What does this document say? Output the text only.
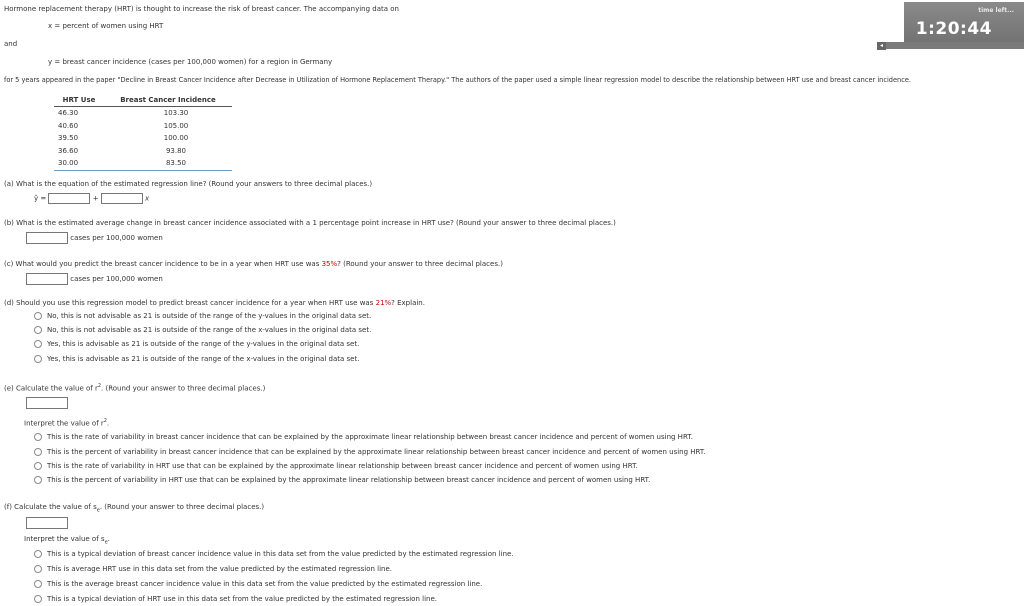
time left...
1:20:44
◂
Hormone replacement therapy (HRT) is thought to increase the risk of breast cancer. The accompanying data on
x = percent of women using HRT
and
y = breast cancer incidence (cases per 100,000 women) for a region in Germany
for 5 years appeared in the paper "Decline in Breast Cancer Incidence after Decrease in Utilization of Hormone Replacement Therapy." The authors of the paper used a simple linear regression model to describe the relationship between HRT use and breast cancer incidence.
HRT Use	Breast Cancer Incidence
46.30	103.30
40.60	105.00
39.50	100.00
36.60	93.80
30.00	83.50
(a) What is the equation of the estimated regression line? (Round your answers to three decimal places.)
ŷ =	+	x
(b) What is the estimated average change in breast cancer incidence associated with a 1 percentage point increase in HRT use? (Round your answer to three decimal places.)
cases per 100,000 women
(c) What would you predict the breast cancer incidence to be in a year when HRT use was 35%? (Round your answer to three decimal places.)
cases per 100,000 women
(d) Should you use this regression model to predict breast cancer incidence for a year when HRT use was 21%? Explain.
No, this is not advisable as 21 is outside of the range of the y-values in the original data set.
No, this is not advisable as 21 is outside of the range of the x-values in the original data set.
Yes, this is advisable as 21 is outside of the range of the y-values in the original data set.
Yes, this is advisable as 21 is outside of the range of the x-values in the original data set.
(e) Calculate the value of $r^2$. (Round your answer to three decimal places.)
Interpret the value of $r^2$.
This is the rate of variability in breast cancer incidence that can be explained by the approximate linear relationship between breast cancer incidence and percent of women using HRT.
This is the percent of variability in breast cancer incidence that can be explained by the approximate linear relationship between breast cancer incidence and percent of women using HRT.
This is the rate of variability in HRT use that can be explained by the approximate linear relationship between breast cancer incidence and percent of women using HRT.
This is the percent of variability in HRT use that can be explained by the approximate linear relationship between breast cancer incidence and percent of women using HRT.
(f) Calculate the value of $s_e$. (Round your answer to three decimal places.)
Interpret the value of $s_e$.
This is a typical deviation of breast cancer incidence value in this data set from the value predicted by the estimated regression line.
This is average HRT use in this data set from the value predicted by the estimated regression line.
This is the average breast cancer incidence value in this data set from the value predicted by the estimated regression line.
This is a typical deviation of HRT use in this data set from the value predicted by the estimated regression line.
